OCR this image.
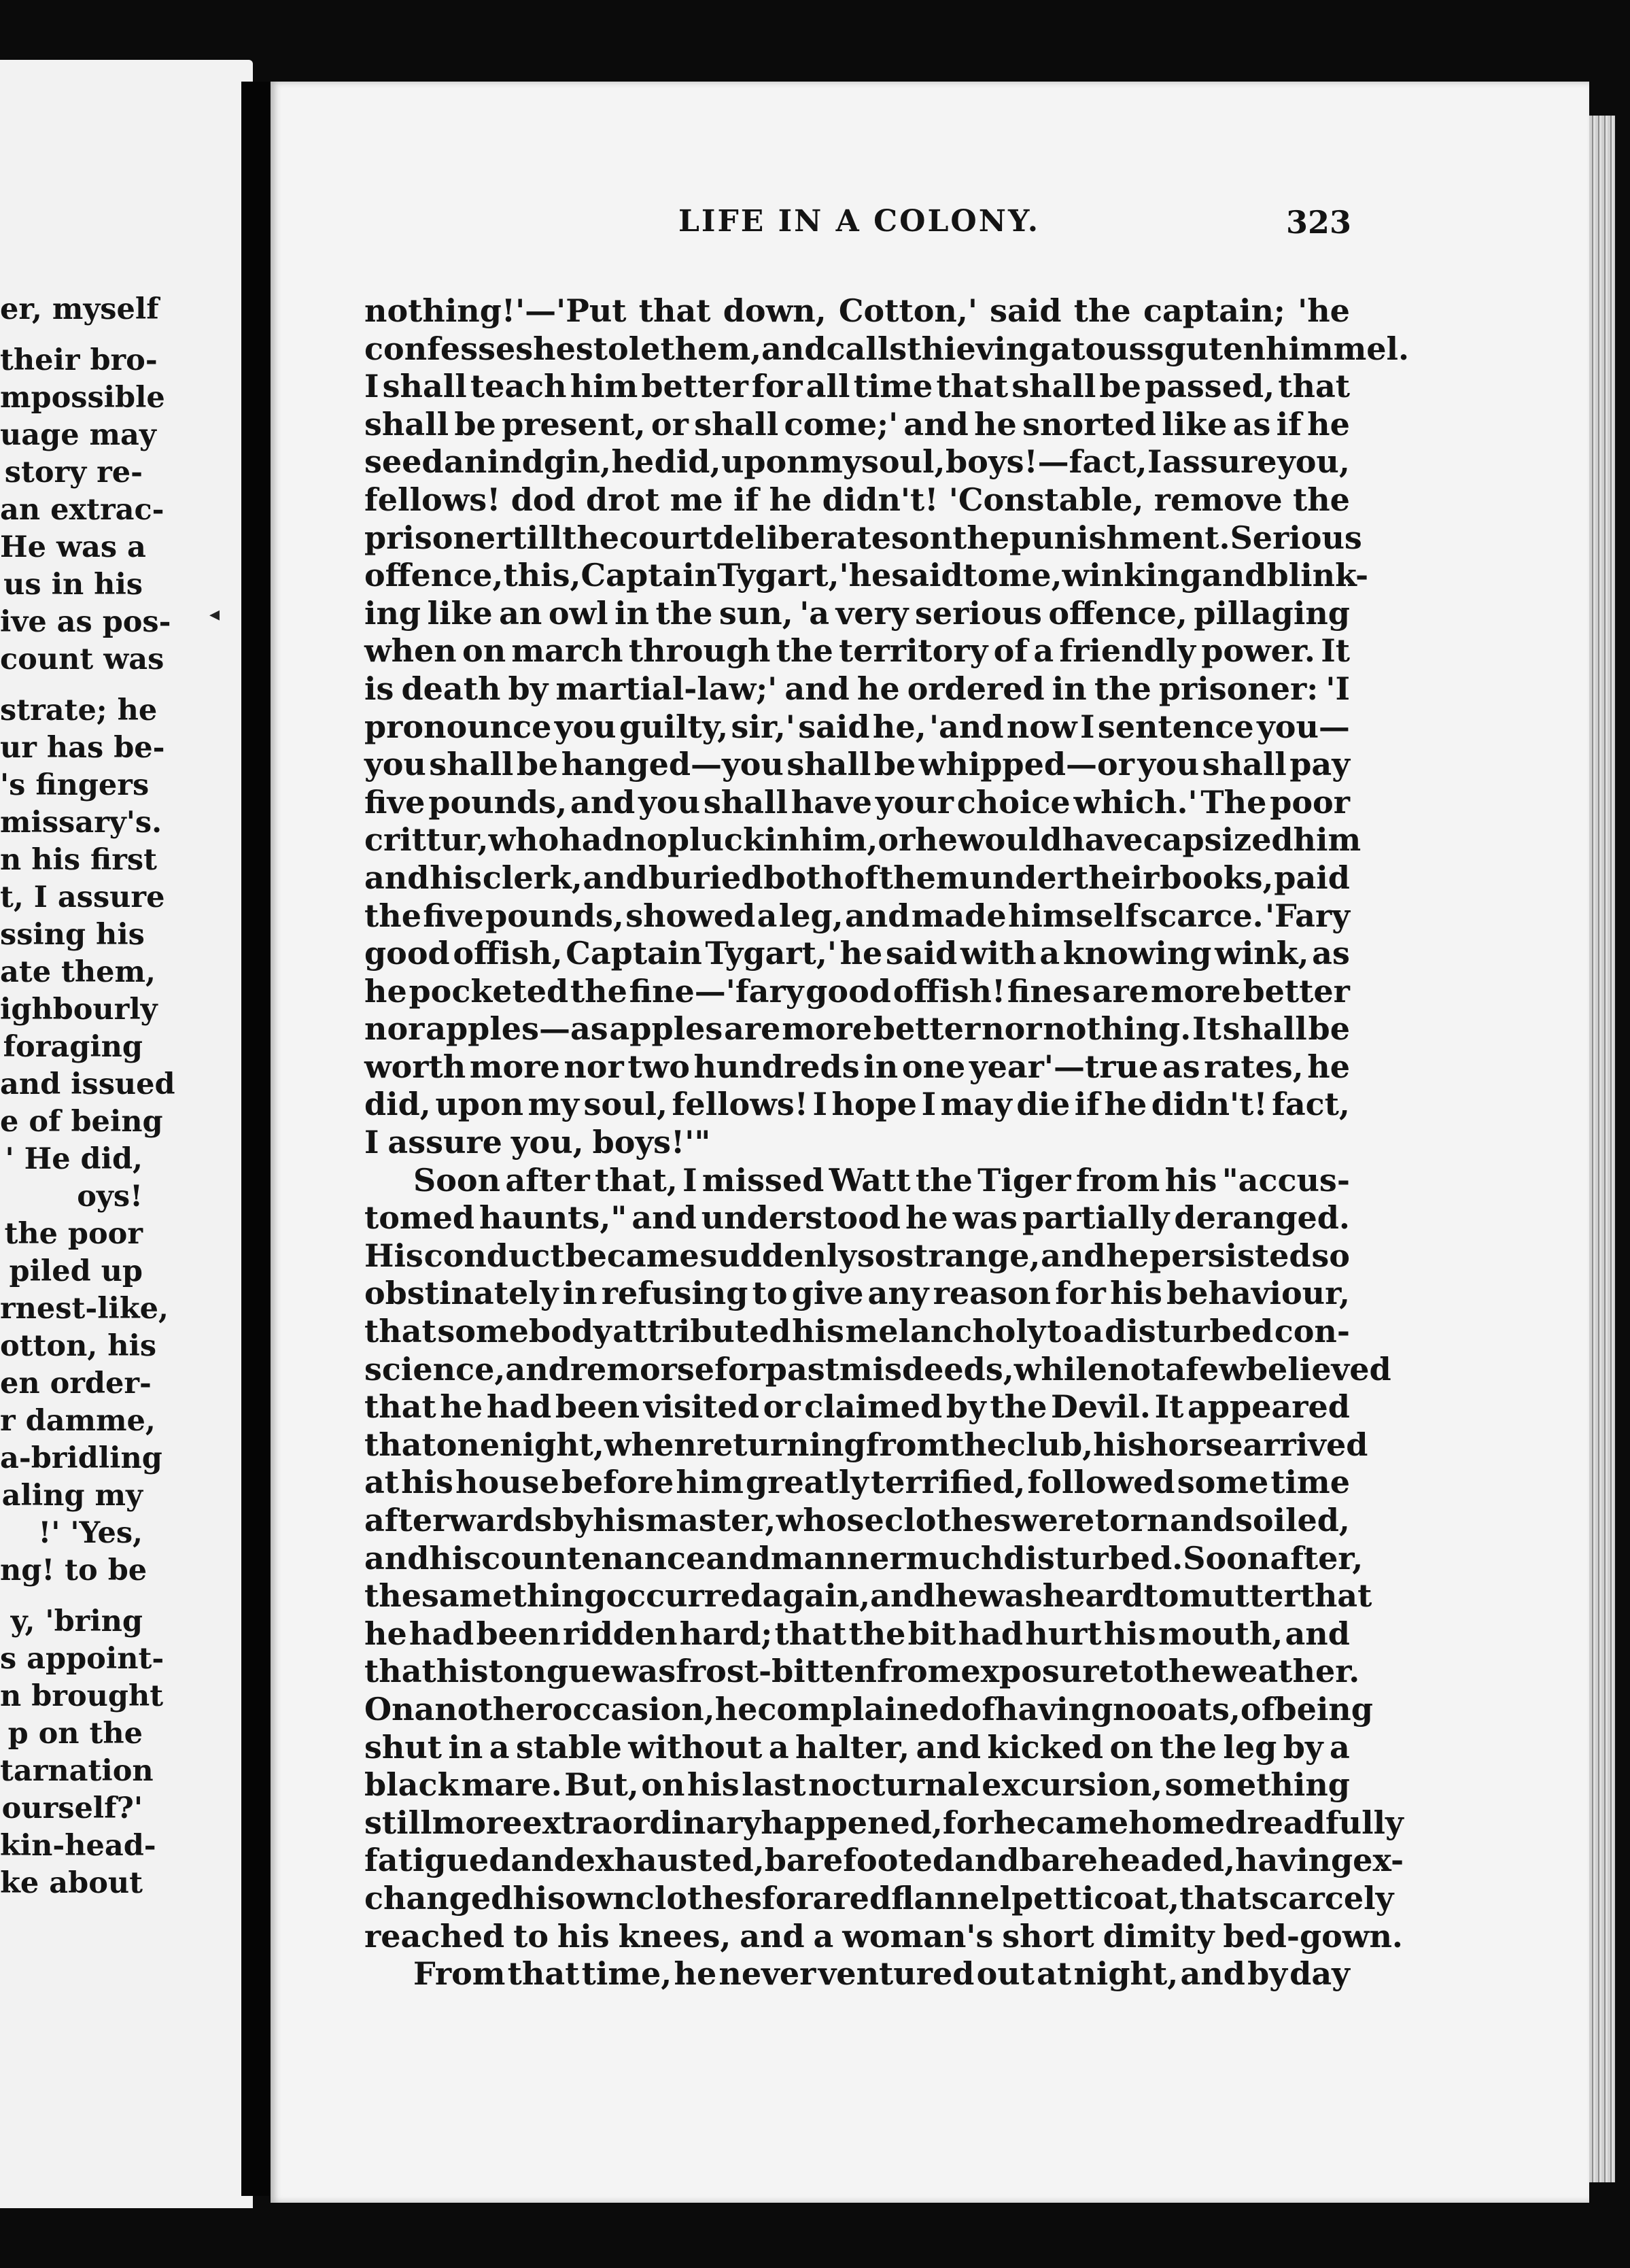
er, myself
their bro-
mpossible
uage may
story re-
an extrac-
He was a
us in his
ive as pos-
count was
strate; he
ur has be-
's fingers
missary's.
n his first
t, I assure
ssing his
ate them,
ighbourly
foraging
and issued
e of being
' He did,
oys!
the poor
piled up
rnest-like,
otton, his
en order-
r damme,
a-bridling
aling my
!' 'Yes,
ng! to be
y, 'bring
s appoint-
n brought
p on the
tarnation
ourself?'
kin-head-
ke about
LIFE IN A COLONY.	323
◂
nothing!'—'Put that down, Cotton,' said the captain; 'he
confesses he stole them, and calls thieving a touss guten himmel.
I shall teach him better for all time that shall be passed, that
shall be present, or shall come;' and he snorted like as if he
seed an indgin, he did, upon my soul, boys!—fact, I assure you,
fellows! dod drot me if he didn't! 'Constable, remove the
prisoner till the court deliberates on the punishment. Serious
offence, this, Captain Tygart,' he said to me, winking and blink-
ing like an owl in the sun, 'a very serious offence, pillaging
when on march through the territory of a friendly power. It
is death by martial-law;' and he ordered in the prisoner: 'I
pronounce you guilty, sir,' said he, 'and now I sentence you—
you shall be hanged—you shall be whipped—or you shall pay
five pounds, and you shall have your choice which.' The poor
crittur, who had no pluck in him, or he would have capsized him
and his clerk, and buried both of them under their books, paid
the five pounds, showed a leg, and made himself scarce. 'Fary
good offish, Captain Tygart,' he said with a knowing wink, as
he pocketed the fine—'fary good offish! fines are more better
nor apples—as apples are more better nor nothing. It shall be
worth more nor two hundreds in one year'—true as rates, he
did, upon my soul, fellows! I hope I may die if he didn't! fact,
I assure you, boys!'"
Soon after that, I missed Watt the Tiger from his "accus-
tomed haunts," and understood he was partially deranged.
His conduct became suddenly so strange, and he persisted so
obstinately in refusing to give any reason for his behaviour,
that somebody attributed his melancholy to a disturbed con-
science, and remorse for past misdeeds, while not a few believed
that he had been visited or claimed by the Devil. It appeared
that one night, when returning from the club, his horse arrived
at his house before him greatly terrified, followed some time
afterwards by his master, whose clothes were torn and soiled,
and his countenance and manner much disturbed. Soon after,
the same thing occurred again, and he was heard to mutter that
he had been ridden hard; that the bit had hurt his mouth, and
that his tongue was frost-bitten from exposure to the weather.
On another occasion, he complained of having no oats, of being
shut in a stable without a halter, and kicked on the leg by a
black mare. But, on his last nocturnal excursion, something
still more extraordinary happened, for he came home dreadfully
fatigued and exhausted, barefooted and bareheaded, having ex-
changed his own clothes for a red flannel petticoat, that scarcely
reached to his knees, and a woman's short dimity bed-gown.
From that time, he never ventured out at night, and by day
